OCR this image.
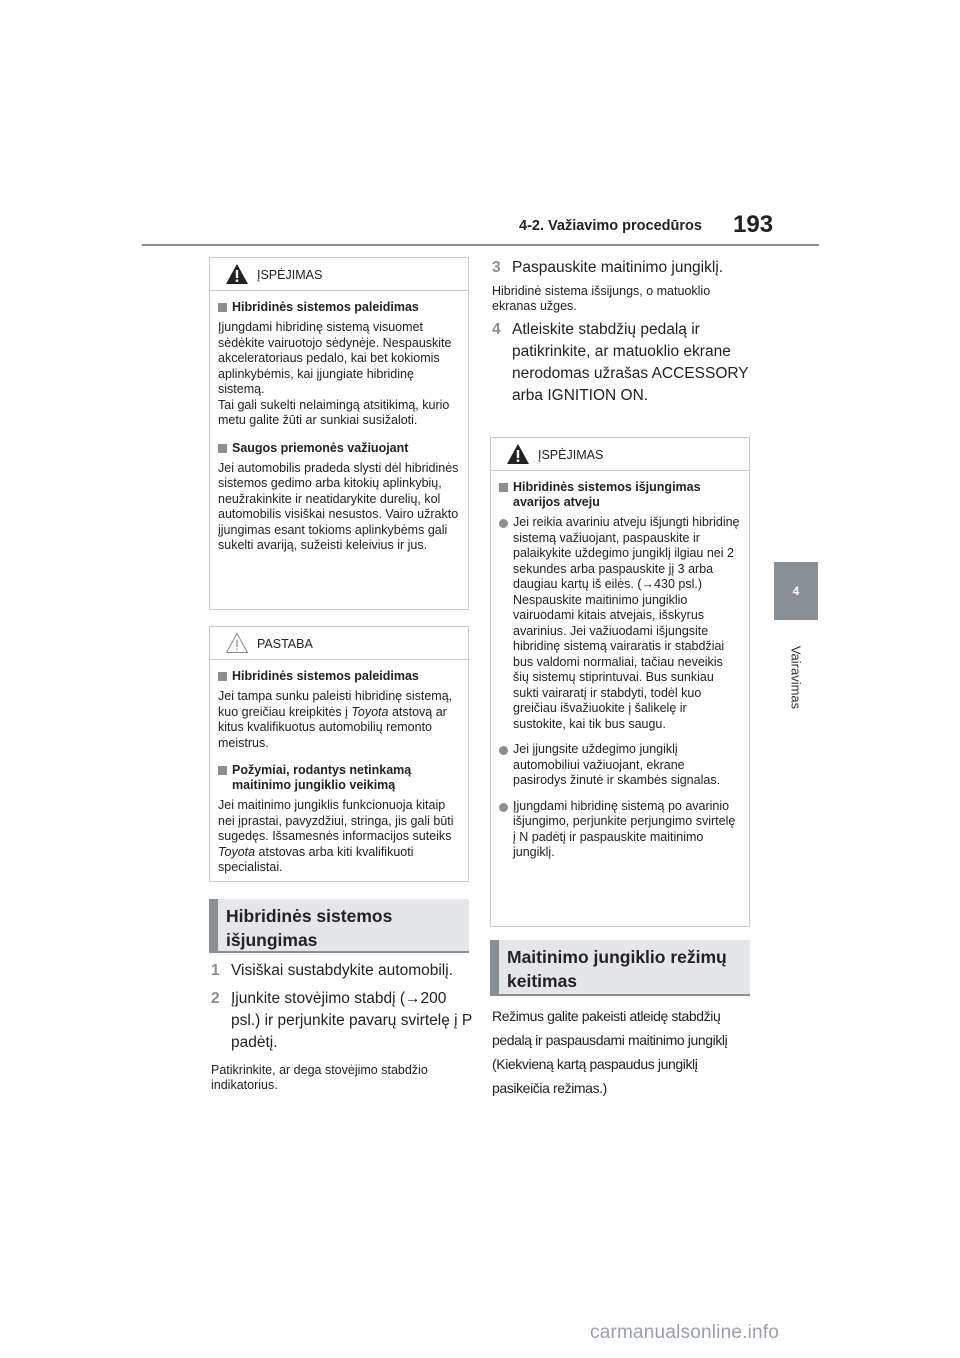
4-2. Važiavimo procedūros 193
4
Vairavimas
ĮSPĖJIMAS
Hibridinės sistemos paleidimas
Įjungdami hibridinę sistemą visuomet sėdėkite vairuotojo sėdynėje. Nespauskite akceleratoriaus pedalo, kai bet kokiomis aplinkybėmis, kai įjungiate hibridinę sistemą.
Tai gali sukelti nelaimingą atsitikimą, kurio metu galite žūti ar sunkiai susižaloti.
Saugos priemonės važiuojant
Jei automobilis pradeda slysti dėl hibridinės sistemos gedimo arba kitokių aplinkybių, neužrakinkite ir neatidarykite durelių, kol automobilis visiškai nesustos. Vairo užrakto įjungimas esant tokioms aplinkybėms gali sukelti avariją, sužeisti keleivius ir jus.
PASTABA
Hibridinės sistemos paleidimas
Jei tampa sunku paleisti hibridinę sistemą, kuo greičiau kreipkitės į Toyota atstovą ar kitus kvalifikuotus automobilių remonto meistrus.
Požymiai, rodantys netinkamą maitinimo jungiklio veikimą
Jei maitinimo jungiklis funkcionuoja kitaip nei įprastai, pavyzdžiui, stringa, jis gali būti sugedęs. Išsamesnės informacijos suteiks Toyota atstovas arba kiti kvalifikuoti specialistai.
Hibridinės sistemos
išjungimas
1 Visiškai sustabdykite automobilį.
2 Įjunkite stovėjimo stabdį (→200 psl.) ir perjunkite pavarų svirtelę į P padėtį.
Patikrinkite, ar dega stovėjimo stabdžio indikatorius.
3 Paspauskite maitinimo jungiklį.
Hibridinė sistema išsijungs, o matuoklio ekranas užges.
4 Atleiskite stabdžių pedalą ir patikrinkite, ar matuoklio ekrane nerodomas užrašas ACCESSORY arba IGNITION ON.
ĮSPĖJIMAS
Hibridinės sistemos išjungimas avarijos atveju
Jei reikia avariniu atveju išjungti hibridinę sistemą važiuojant, paspauskite ir palaikykite uždegimo jungiklį ilgiau nei 2 sekundes arba paspauskite jį 3 arba daugiau kartų iš eilės. (→430 psl.)
Nespauskite maitinimo jungiklio vairuodami kitais atvejais, išskyrus avarinius. Jei važiuodami išjungsite hibridinę sistemą vairaratis ir stabdžiai bus valdomi normaliai, tačiau neveikis šių sistemų stiprintuvai. Bus sunkiau sukti vairaratį ir stabdyti, todėl kuo greičiau išvažiuokite į šalikelę ir sustokite, kai tik bus saugu.
Jei įjungsite uždegimo jungiklį automobiliui važiuojant, ekrane pasirodys žinutė ir skambės signalas.
Įjungdami hibridinę sistemą po avarinio išjungimo, perjunkite perjungimo svirtelę į N padėtį ir paspauskite maitinimo jungiklį.
Maitinimo jungiklio režimų
keitimas
Režimus galite pakeisti atleidę stabdžių pedalą ir paspausdami maitinimo jungiklį (Kiekvieną kartą paspaudus jungiklį pasikeičia režimas.)
carmanualsonline.info
